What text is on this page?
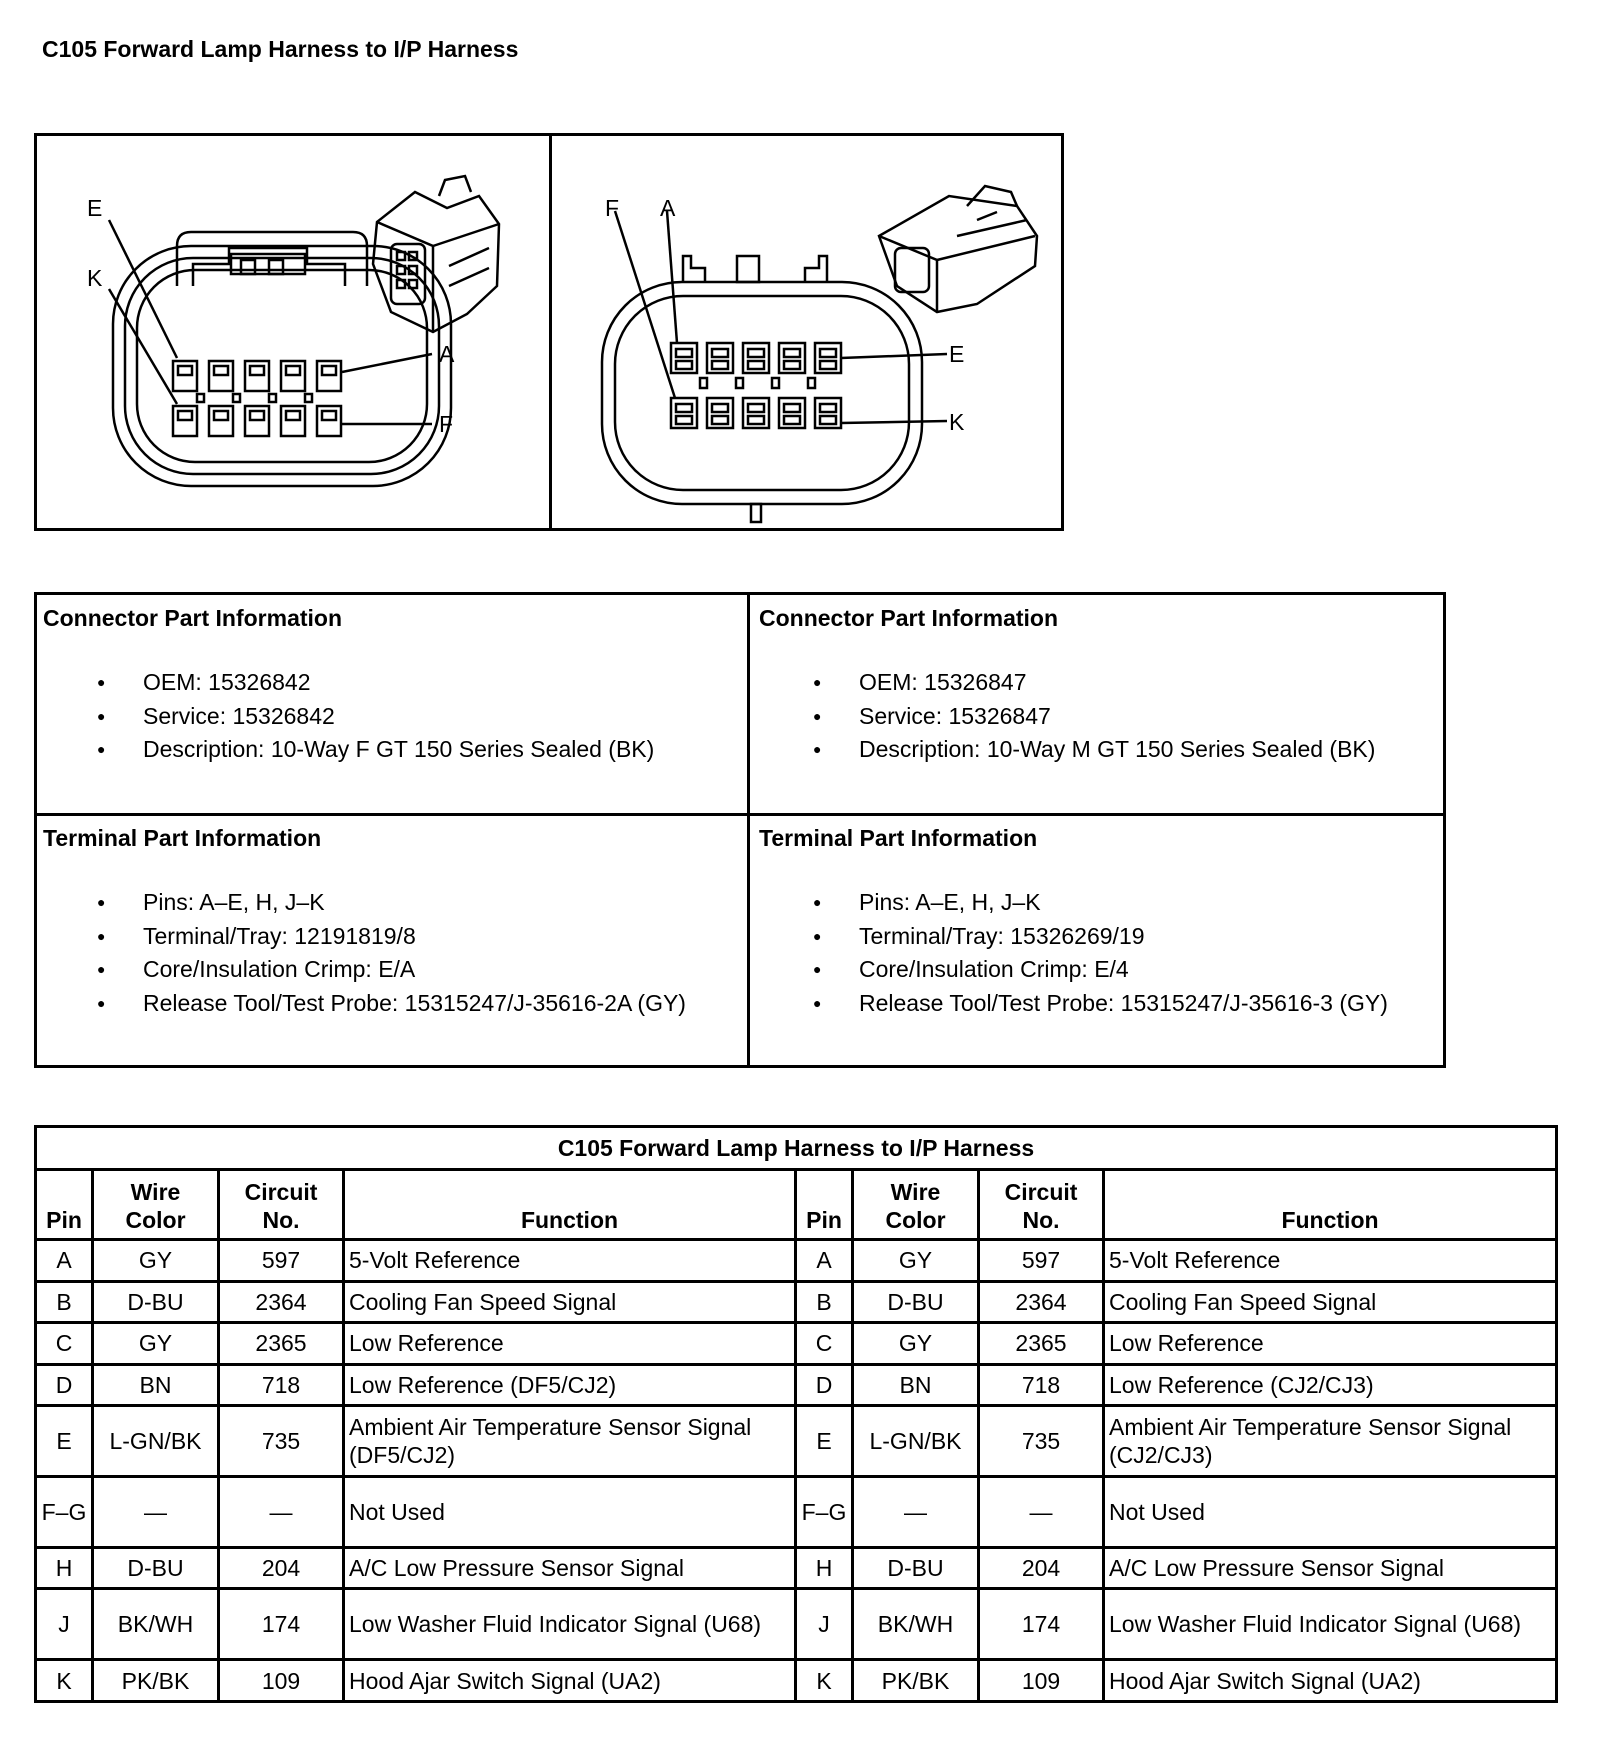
C105 Forward Lamp Harness to I/P Harness
E
K
A
F
F A
E
K
Connector Part Information
● OEM: 15326842
● Service: 15326842
● Description: 10-Way F GT 150 Series Sealed (BK)
Connector Part Information
● OEM: 15326847
● Service: 15326847
● Description: 10-Way M GT 150 Series Sealed (BK)
Terminal Part Information
● Pins: A–E, H, J–K
● Terminal/Tray: 12191819/8
● Core/Insulation Crimp: E/A
● Release Tool/Test Probe: 15315247/J-35616-2A (GY)
Terminal Part Information
● Pins: A–E, H, J–K
● Terminal/Tray: 15326269/19
● Core/Insulation Crimp: E/4
● Release Tool/Test Probe: 15315247/J-35616-3 (GY)
C105 Forward Lamp Harness to I/P Harness							
Pin	Wire Color	Circuit No.	Function	Pin	Wire Color	Circuit No.	Function
A	GY	597	5-Volt Reference	A	GY	597	5-Volt Reference
B	D-BU	2364	Cooling Fan Speed Signal	B	D-BU	2364	Cooling Fan Speed Signal
C	GY	2365	Low Reference	C	GY	2365	Low Reference
D	BN	718	Low Reference (DF5/CJ2)	D	BN	718	Low Reference (CJ2/CJ3)
E	L-GN/BK	735	Ambient Air Temperature Sensor Signal (DF5/CJ2)	E	L-GN/BK	735	Ambient Air Temperature Sensor Signal (CJ2/CJ3)
F–G	—	—	Not Used	F–G	—	—	Not Used
H	D-BU	204	A/C Low Pressure Sensor Signal	H	D-BU	204	A/C Low Pressure Sensor Signal
J	BK/WH	174	Low Washer Fluid Indicator Signal (U68)	J	BK/WH	174	Low Washer Fluid Indicator Signal (U68)
K	PK/BK	109	Hood Ajar Switch Signal (UA2)	K	PK/BK	109	Hood Ajar Switch Signal (UA2)
